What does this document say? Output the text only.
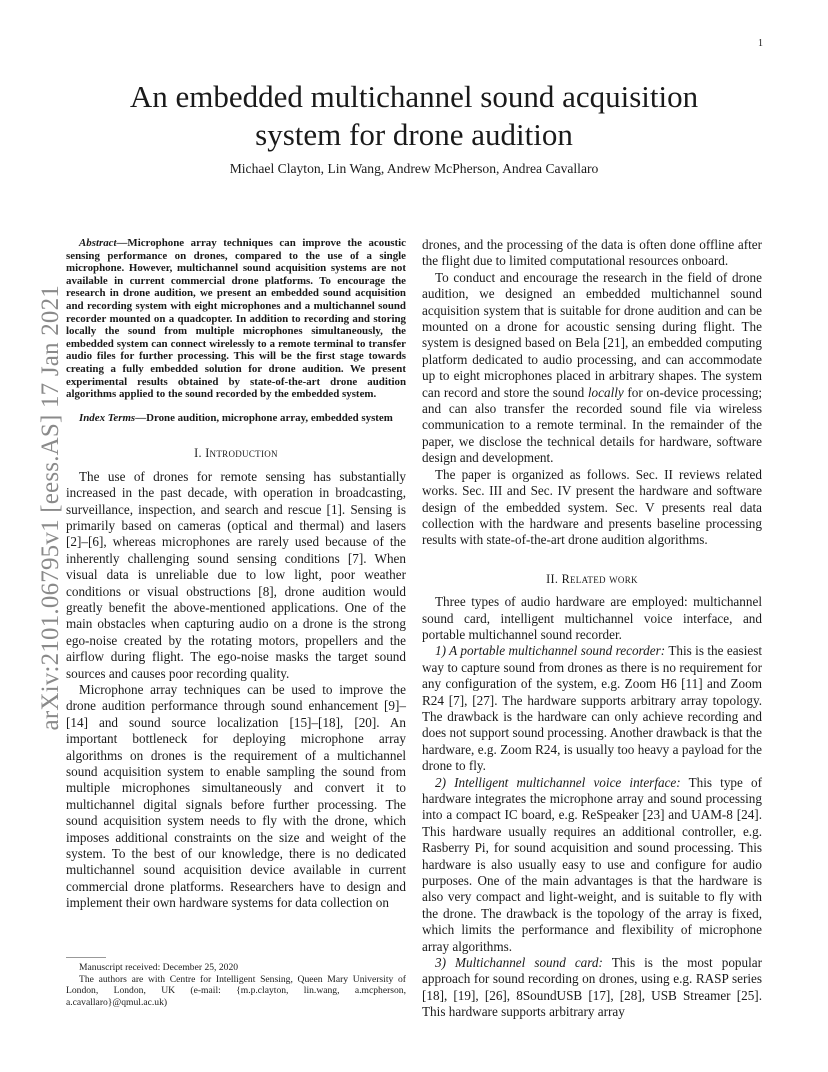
1
arXiv:2101.06795v1 [eess.AS] 17 Jan 2021
An embedded multichannel sound acquisition system for drone audition
Michael Clayton, Lin Wang, Andrew McPherson, Andrea Cavallaro

Abstract—Microphone array techniques can improve the acoustic sensing performance on drones, compared to the use of a single microphone. However, multichannel sound acquisition systems are not available in current commercial drone platforms. To encourage the research in drone audition, we present an embedded sound acquisition and recording system with eight microphones and a multichannel sound recorder mounted on a quadcopter. In addition to recording and storing locally the sound from multiple microphones simultaneously, the embedded system can connect wirelessly to a remote terminal to transfer audio files for further processing. This will be the first stage towards creating a fully embedded solution for drone audition. We present experimental results obtained by state-of-the-art drone audition algorithms applied to the sound recorded by the embedded system.

Index Terms—Drone audition, microphone array, embedded system

I. Introduction

The use of drones for remote sensing has substantially increased in the past decade, with operation in broadcasting, surveillance, inspection, and search and rescue [1]. Sensing is primarily based on cameras (optical and thermal) and lasers [2]–[6], whereas microphones are rarely used because of the inherently challenging sound sensing conditions [7]. When visual data is unreliable due to low light, poor weather conditions or visual obstructions [8], drone audition would greatly benefit the above-mentioned applications. One of the main obstacles when capturing audio on a drone is the strong ego-noise created by the rotating motors, propellers and the airflow during flight. The ego-noise masks the target sound sources and causes poor recording quality.

Microphone array techniques can be used to improve the drone audition performance through sound enhancement [9]–[14] and sound source localization [15]–[18], [20]. An important bottleneck for deploying microphone array algorithms on drones is the requirement of a multichannel sound acquisition system to enable sampling the sound from multiple microphones simultaneously and convert it to multichannel digital signals before further processing. The sound acquisition system needs to fly with the drone, which imposes additional constraints on the size and weight of the system. To the best of our knowledge, there is no dedicated multichannel sound acquisition device available in current commercial drone platforms. Researchers have to design and implement their own hardware systems for data collection on

drones, and the processing of the data is often done offline after the flight due to limited computational resources onboard.

To conduct and encourage the research in the field of drone audition, we designed an embedded multichannel sound acquisition system that is suitable for drone audition and can be mounted on a drone for acoustic sensing during flight. The system is designed based on Bela [21], an embedded computing platform dedicated to audio processing, and can accommodate up to eight microphones placed in arbitrary shapes. The system can record and store the sound locally for on-device processing; and can also transfer the recorded sound file via wireless communication to a remote terminal. In the remainder of the paper, we disclose the technical details for hardware, software design and development.

The paper is organized as follows. Sec. II reviews related works. Sec. III and Sec. IV present the hardware and software design of the embedded system. Sec. V presents real data collection with the hardware and presents baseline processing results with state-of-the-art drone audition algorithms.

II. Related work

Three types of audio hardware are employed: multichannel sound card, intelligent multichannel voice interface, and portable multichannel sound recorder.

1) A portable multichannel sound recorder: This is the easiest way to capture sound from drones as there is no requirement for any configuration of the system, e.g. Zoom H6 [11] and Zoom R24 [7], [27]. The hardware supports arbitrary array topology. The drawback is the hardware can only achieve recording and does not support sound processing. Another drawback is that the hardware, e.g. Zoom R24, is usually too heavy a payload for the drone to fly.

2) Intelligent multichannel voice interface: This type of hardware integrates the microphone array and sound processing into a compact IC board, e.g. ReSpeaker [23] and UAM-8 [24]. This hardware usually requires an additional controller, e.g. Rasberry Pi, for sound acquisition and sound processing. This hardware is also usually easy to use and configure for audio purposes. One of the main advantages is that the hardware is also very compact and light-weight, and is suitable to fly with the drone. The drawback is the topology of the array is fixed, which limits the performance and flexibility of microphone array algorithms.

3) Multichannel sound card: This is the most popular approach for sound recording on drones, using e.g. RASP series [18], [19], [26], 8SoundUSB [17], [28], USB Streamer [25]. This hardware supports arbitrary array

Manuscript received: December 25, 2020

The authors are with Centre for Intelligent Sensing, Queen Mary University of London, London, UK (e-mail: {m.p.clayton, lin.wang, a.mcpherson, a.cavallaro}@qmul.ac.uk)
